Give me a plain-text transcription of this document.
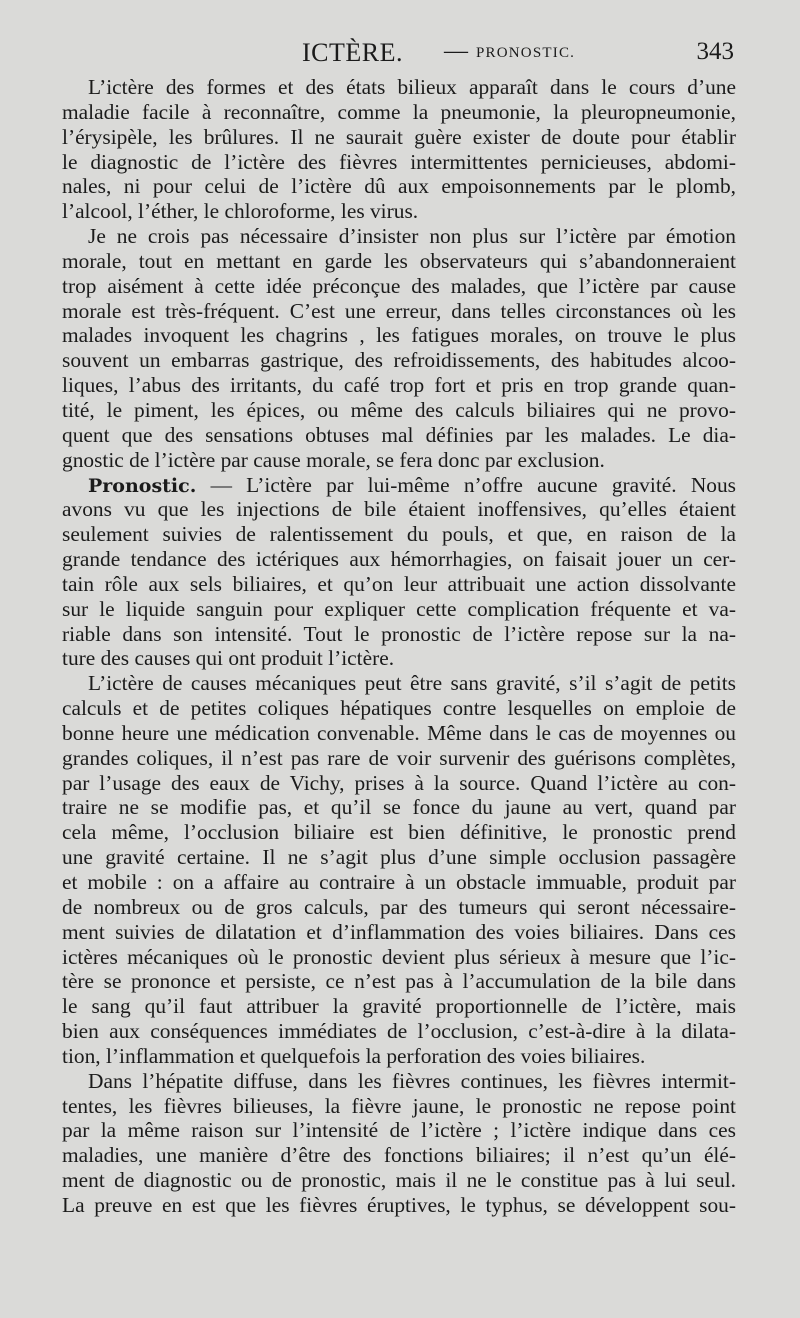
ICTÈRE. — PRONOSTIC.	343
L’ictère des formes et des états bilieux apparaît dans le cours d’une
maladie facile à reconnaître, comme la pneumonie, la pleuropneumonie,
l’érysipèle, les brûlures. Il ne saurait guère exister de doute pour établir
le diagnostic de l’ictère des fièvres intermittentes pernicieuses, abdomi-
nales, ni pour celui de l’ictère dû aux empoisonnements par le plomb,
l’alcool, l’éther, le chloroforme, les virus.
Je ne crois pas nécessaire d’insister non plus sur l’ictère par émotion
morale, tout en mettant en garde les observateurs qui s’abandonneraient
trop aisément à cette idée préconçue des malades, que l’ictère par cause
morale est très-fréquent. C’est une erreur, dans telles circonstances où les
malades invoquent les chagrins , les fatigues morales, on trouve le plus
souvent un embarras gastrique, des refroidissements, des habitudes alcoo-
liques, l’abus des irritants, du café trop fort et pris en trop grande quan-
tité, le piment, les épices, ou même des calculs biliaires qui ne provo-
quent que des sensations obtuses mal définies par les malades. Le dia-
gnostic de l’ictère par cause morale, se fera donc par exclusion.
Pronostic. — L’ictère par lui-même n’offre aucune gravité. Nous
avons vu que les injections de bile étaient inoffensives, qu’elles étaient
seulement suivies de ralentissement du pouls, et que, en raison de la
grande tendance des ictériques aux hémorrhagies, on faisait jouer un cer-
tain rôle aux sels biliaires, et qu’on leur attribuait une action dissolvante
sur le liquide sanguin pour expliquer cette complication fréquente et va-
riable dans son intensité. Tout le pronostic de l’ictère repose sur la na-
ture des causes qui ont produit l’ictère.
L’ictère de causes mécaniques peut être sans gravité, s’il s’agit de petits
calculs et de petites coliques hépatiques contre lesquelles on emploie de
bonne heure une médication convenable. Même dans le cas de moyennes ou
grandes coliques, il n’est pas rare de voir survenir des guérisons complètes,
par l’usage des eaux de Vichy, prises à la source. Quand l’ictère au con-
traire ne se modifie pas, et qu’il se fonce du jaune au vert, quand par
cela même, l’occlusion biliaire est bien définitive, le pronostic prend
une gravité certaine. Il ne s’agit plus d’une simple occlusion passagère
et mobile : on a affaire au contraire à un obstacle immuable, produit par
de nombreux ou de gros calculs, par des tumeurs qui seront nécessaire-
ment suivies de dilatation et d’inflammation des voies biliaires. Dans ces
ictères mécaniques où le pronostic devient plus sérieux à mesure que l’ic-
tère se prononce et persiste, ce n’est pas à l’accumulation de la bile dans
le sang qu’il faut attribuer la gravité proportionnelle de l’ictère, mais
bien aux conséquences immédiates de l’occlusion, c’est-à-dire à la dilata-
tion, l’inflammation et quelquefois la perforation des voies biliaires.
Dans l’hépatite diffuse, dans les fièvres continues, les fièvres intermit-
tentes, les fièvres bilieuses, la fièvre jaune, le pronostic ne repose point
par la même raison sur l’intensité de l’ictère ; l’ictère indique dans ces
maladies, une manière d’être des fonctions biliaires; il n’est qu’un élé-
ment de diagnostic ou de pronostic, mais il ne le constitue pas à lui seul.
La preuve en est que les fièvres éruptives, le typhus, se développent sou-
